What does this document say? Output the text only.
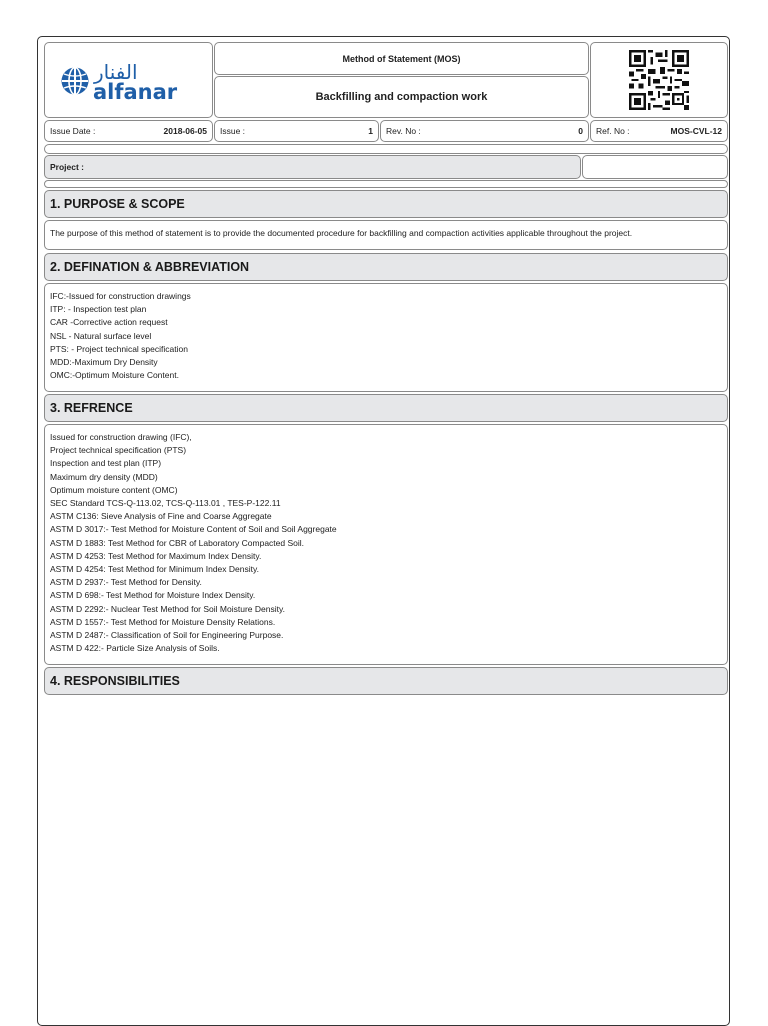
الفنار
alfanar
Method of Statement (MOS)
Backfilling and compaction work
Issue Date :	2018-06-05 Issue :	1 Rev. No :	0 Ref. No :	MOS-CVL-12
Project :
1. PURPOSE & SCOPE
The purpose of this method of statement is to provide the documented procedure for backfilling and compaction activities applicable throughout the project.
2. DEFINATION & ABBREVIATION
IFC:-Issued for construction drawings
ITP: - Inspection test plan
CAR -Corrective action request
NSL - Natural surface level
PTS: - Project technical specification
MDD:-Maximum Dry Density
OMC:-Optimum Moisture Content.
3. REFRENCE
Issued for construction drawing (IFC),
Project technical specification (PTS)
Inspection and test plan (ITP)
Maximum dry density (MDD)
Optimum moisture content (OMC)
SEC Standard TCS-Q-113.02, TCS-Q-113.01 , TES-P-122.11
ASTM C136: Sieve Analysis of Fine and Coarse Aggregate
ASTM D 3017:- Test Method for Moisture Content of Soil and Soil Aggregate
ASTM D 1883: Test Method for CBR of Laboratory Compacted Soil.
ASTM D 4253: Test Method for Maximum Index Density.
ASTM D 4254: Test Method for Minimum Index Density.
ASTM D 2937:- Test Method for Density.
ASTM D 698:- Test Method for Moisture Index Density.
ASTM D 2292:- Nuclear Test Method for Soil Moisture Density.
ASTM D 1557:- Test Method for Moisture Density Relations.
ASTM D 2487:- Classification of Soil for Engineering Purpose.
ASTM D 422:- Particle Size Analysis of Soils.
4. RESPONSIBILITIES
